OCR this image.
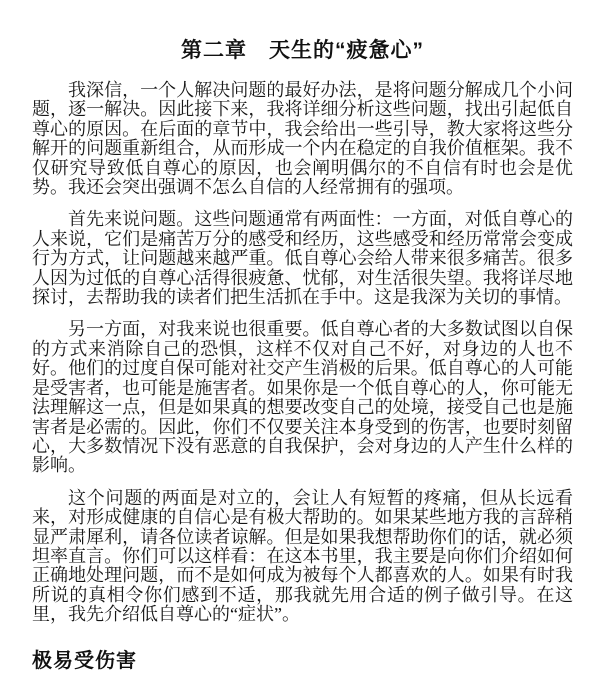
第二章　天生的“疲惫心”

我深信，一个人解决问题的最好办法，是将问题分解成几个小问题，逐一解决。因此接下来，我将详细分析这些问题，找出引起低自尊心的原因。在后面的章节中，我会给出一些引导，教大家将这些分解开的问题重新组合，从而形成一个内在稳定的自我价值框架。我不仅研究导致低自尊心的原因，也会阐明偶尔的不自信有时也会是优势。我还会突出强调不怎么自信的人经常拥有的强项。

首先来说问题。这些问题通常有两面性：一方面，对低自尊心的人来说，它们是痛苦万分的感受和经历，这些感受和经历常常会变成行为方式，让问题越来越严重。低自尊心会给人带来很多痛苦。很多人因为过低的自尊心活得很疲惫、忧郁，对生活很失望。我将详尽地探讨，去帮助我的读者们把生活抓在手中。这是我深为关切的事情。

另一方面，对我来说也很重要。低自尊心者的大多数试图以自保的方式来消除自己的恐惧，这样不仅对自己不好，对身边的人也不好。他们的过度自保可能对社交产生消极的后果。低自尊心的人可能是受害者，也可能是施害者。如果你是一个低自尊心的人，你可能无法理解这一点，但是如果真的想要改变自己的处境，接受自己也是施害者是必需的。因此，你们不仅要关注本身受到的伤害，也要时刻留心，大多数情况下没有恶意的自我保护，会对身边的人产生什么样的影响。

这个问题的两面是对立的，会让人有短暂的疼痛，但从长远看来，对形成健康的自信心是有极大帮助的。如果某些地方我的言辞稍显严肃犀利，请各位读者谅解。但是如果我想帮助你们的话，就必须坦率直言。你们可以这样看：在这本书里，我主要是向你们介绍如何正确地处理问题，而不是如何成为被每个人都喜欢的人。如果有时我所说的真相令你们感到不适，那我就先用合适的例子做引导。在这里，我先介绍低自尊心的“症状”。

极易受伤害
